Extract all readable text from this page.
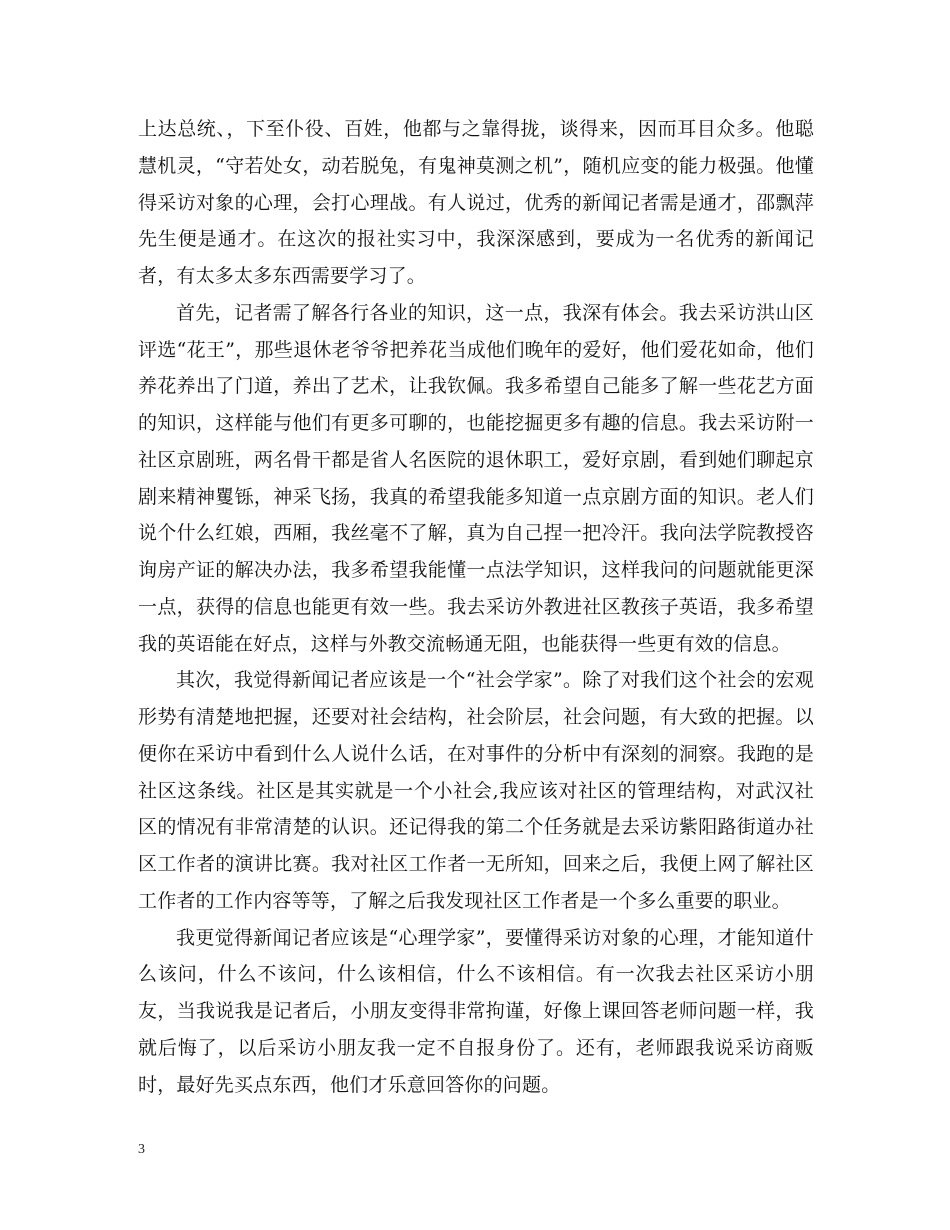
上达总统、，下至仆役、百姓，他都与之靠得拢，谈得来，因而耳目众多。他聪慧机灵，“守若处女，动若脱兔，有鬼神莫测之机”，随机应变的能力极强。他懂得采访对象的心理，会打心理战。有人说过，优秀的新闻记者需是通才，邵飘萍先生便是通才。在这次的报社实习中，我深深感到，要成为一名优秀的新闻记者，有太多太多东西需要学习了。

首先，记者需了解各行各业的知识，这一点，我深有体会。我去采访洪山区评选“花王”，那些退休老爷爷把养花当成他们晚年的爱好，他们爱花如命，他们养花养出了门道，养出了艺术，让我钦佩。我多希望自己能多了解一些花艺方面的知识，这样能与他们有更多可聊的，也能挖掘更多有趣的信息。我去采访附一社区京剧班，两名骨干都是省人名医院的退休职工，爱好京剧，看到她们聊起京剧来精神矍铄，神采飞扬，我真的希望我能多知道一点京剧方面的知识。老人们说个什么红娘，西厢，我丝毫不了解，真为自己捏一把冷汗。我向法学院教授咨询房产证的解决办法，我多希望我能懂一点法学知识，这样我问的问题就能更深一点，获得的信息也能更有效一些。我去采访外教进社区教孩子英语，我多希望我的英语能在好点，这样与外教交流畅通无阻，也能获得一些更有效的信息。

其次，我觉得新闻记者应该是一个“社会学家”。除了对我们这个社会的宏观形势有清楚地把握，还要对社会结构，社会阶层，社会问题，有大致的把握。以便你在采访中看到什么人说什么话，在对事件的分析中有深刻的洞察。我跑的是社区这条线。社区是其实就是一个小社会,我应该对社区的管理结构，对武汉社区的情况有非常清楚的认识。还记得我的第二个任务就是去采访紫阳路街道办社区工作者的演讲比赛。我对社区工作者一无所知，回来之后，我便上网了解社区工作者的工作内容等等，了解之后我发现社区工作者是一个多么重要的职业。

我更觉得新闻记者应该是“心理学家”，要懂得采访对象的心理，才能知道什么该问，什么不该问，什么该相信，什么不该相信。有一次我去社区采访小朋友，当我说我是记者后，小朋友变得非常拘谨，好像上课回答老师问题一样，我就后悔了，以后采访小朋友我一定不自报身份了。还有，老师跟我说采访商贩时，最好先买点东西，他们才乐意回答你的问题。

3
